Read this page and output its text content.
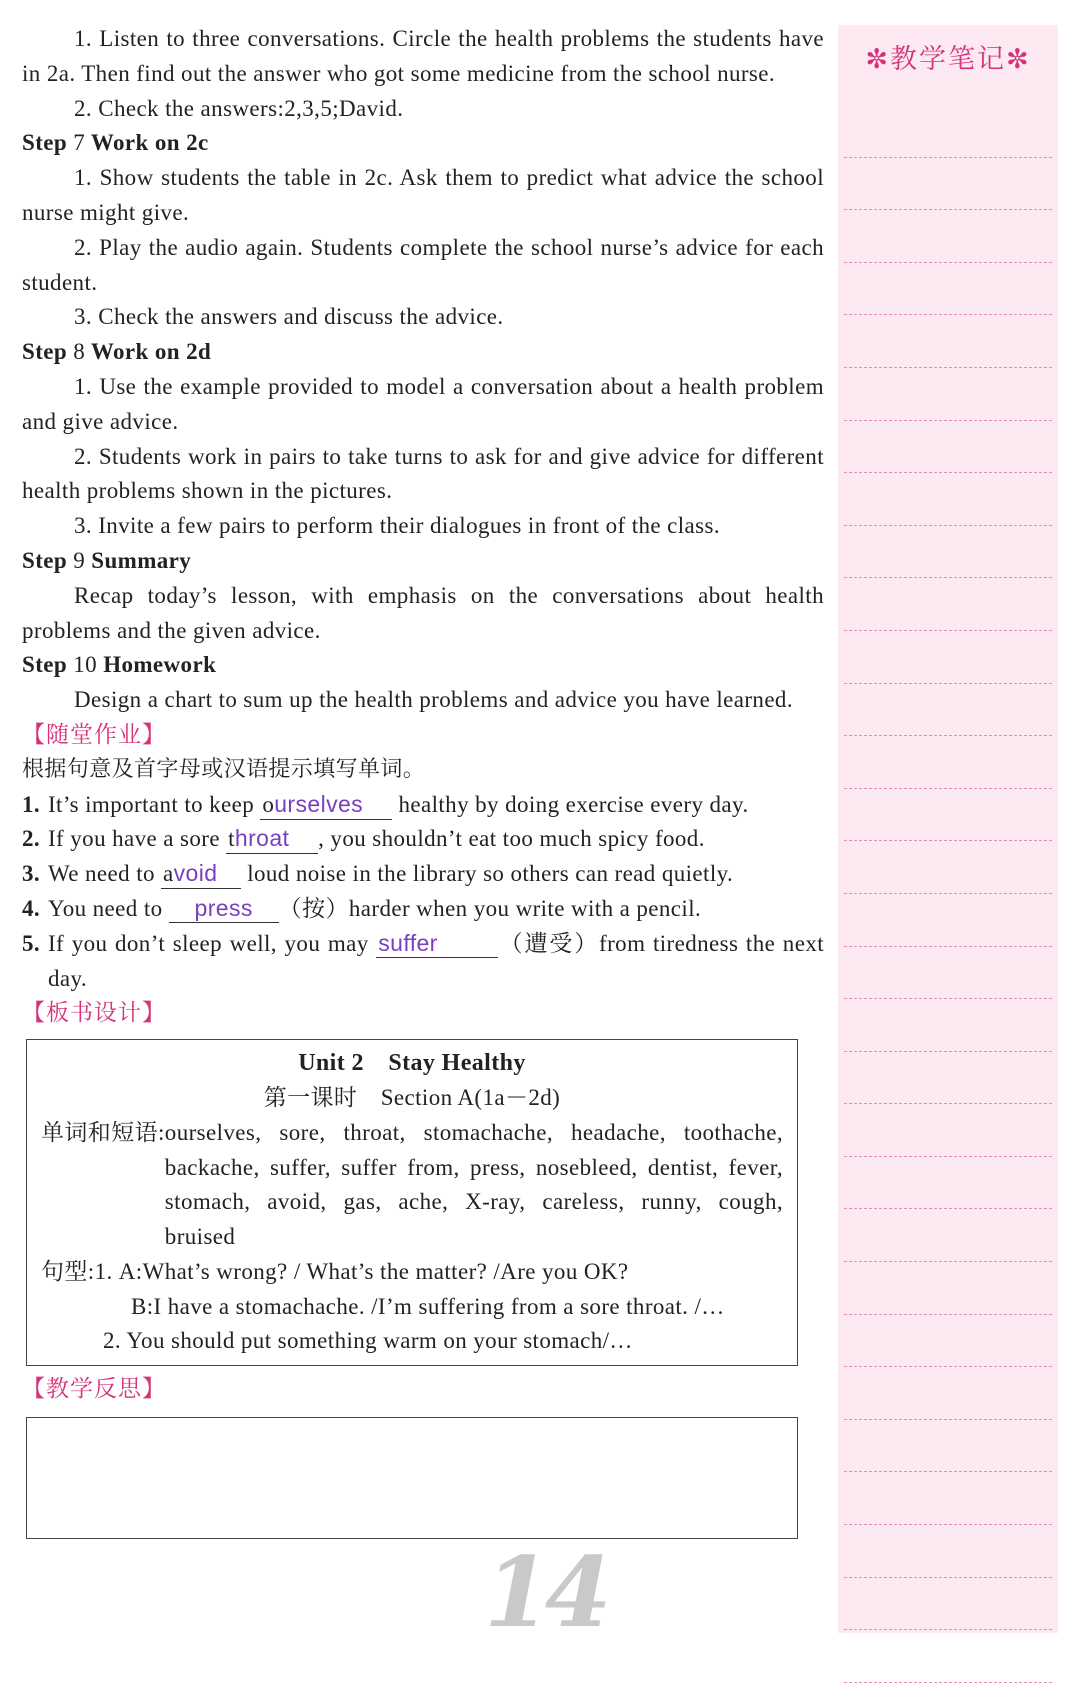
1. Listen to three conversations. Circle the health problems the students have in 2a. Then find out the answer who got some medicine from the school nurse.
2. Check the answers:2,3,5;David.
Step 7 Work on 2c
1. Show students the table in 2c. Ask them to predict what advice the school nurse might give.
2. Play the audio again. Students complete the school nurse’s advice for each student.
3. Check the answers and discuss the advice.
Step 8 Work on 2d
1. Use the example provided to model a conversation about a health problem and give advice.
2. Students work in pairs to take turns to ask for and give advice for different health problems shown in the pictures.
3. Invite a few pairs to perform their dialogues in front of the class.
Step 9 Summary
Recap today’s lesson, with emphasis on the conversations about health problems and the given advice.
Step 10 Homework
Design a chart to sum up the health problems and advice you have learned.
【随堂作业】
根据句意及首字母或汉语提示填写单词。
1. It’s important to keep ourselves healthy by doing exercise every day.
2. If you have a sore throat , you shouldn’t eat too much spicy food.
3. We need to avoid loud noise in the library so others can read quietly.
4. You need to press （按）harder when you write with a pencil.
5. If you don’t sleep well, you may suffer	（遭受）from tiredness the next day.
【板书设计】
Unit 2　Stay Healthy
第一课时　Section A(1a－2d)
单词和短语: ourselves, sore, throat, stomachache, headache, toothache, backache, suffer, suffer from, press, nosebleed, dentist, fever, stomach, avoid, gas, ache, X-ray, careless, runny, cough, bruised
句型:1. A:What’s wrong? / What’s the matter? /Are you OK?
B:I have a stomachache. /I’m suffering from a sore throat. /…
2. You should put something warm on your stomach/…
【教学反思】
✼教学笔记✼
14
